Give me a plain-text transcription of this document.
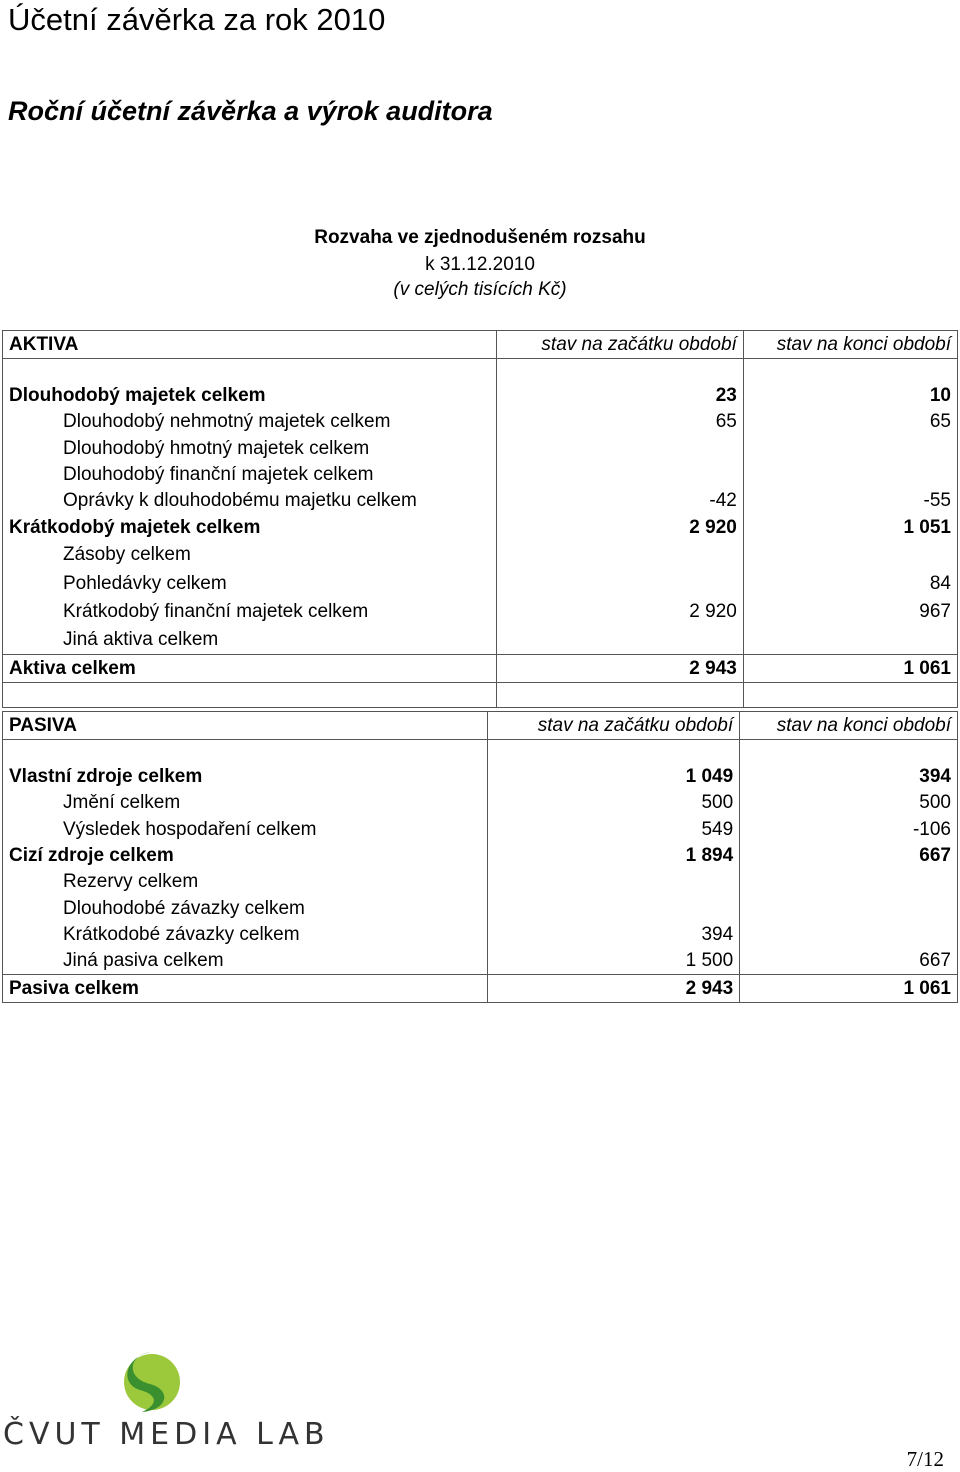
Účetní závěrka za rok 2010
Roční účetní závěrka a výrok auditora
Rozvaha ve zjednodušeném rozsahu
k 31.12.2010
(v celých tisících Kč)
AKTIVA	stav na začátku období	stav na konci období

Dlouhodobý majetek celkem	23	10
Dlouhodobý nehmotný majetek celkem	65	65
Dlouhodobý hmotný majetek celkem		
Dlouhodobý finanční majetek celkem		
Oprávky k dlouhodobému majetku celkem	-42	-55
Krátkodobý majetek celkem	2 920	1 051
Zásoby celkem		
Pohledávky celkem		84
Krátkodobý finanční majetek celkem	2 920	967
Jiná aktiva celkem		
Aktiva celkem	2 943	1 061

PASIVA	stav na začátku období	stav na konci období

Vlastní zdroje celkem	1 049	394
Jmění celkem	500	500
Výsledek hospodaření celkem	549	-106
Cizí zdroje celkem	1 894	667
Rezervy celkem		
Dlouhodobé závazky celkem		
Krátkodobé závazky celkem	394	
Jiná pasiva celkem	1 500	667
Pasiva celkem	2 943	1 061
ČVUT MEDIA LAB
7/12
